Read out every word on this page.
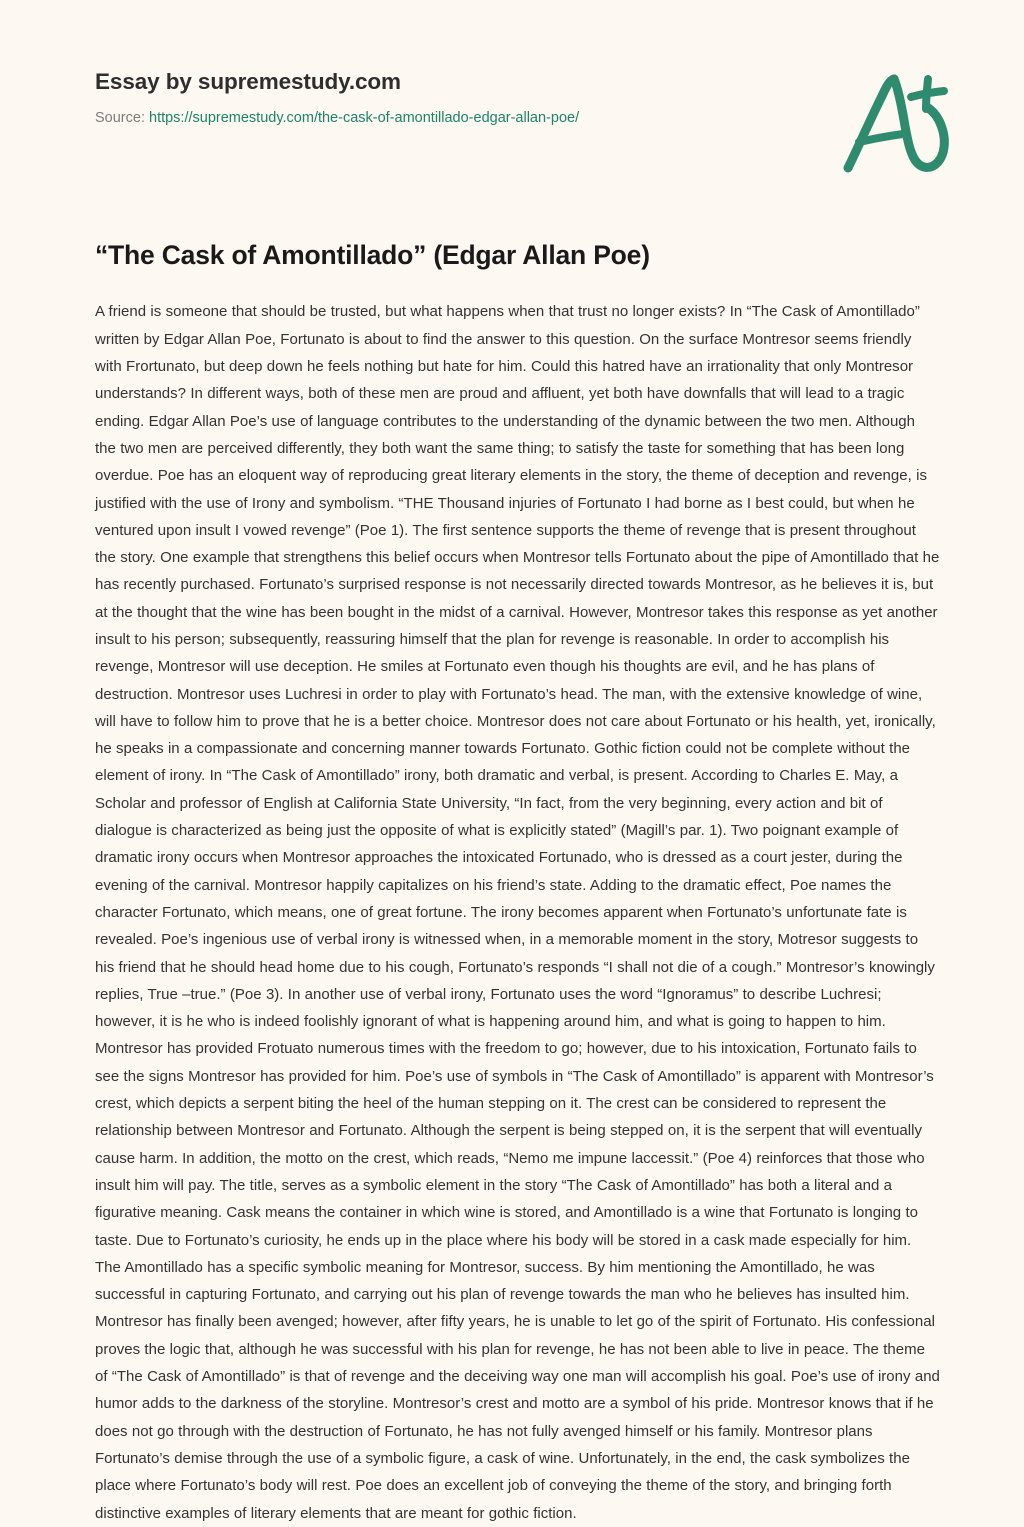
Essay by supremestudy.com
Source: https://supremestudy.com/the-cask-of-amontillado-edgar-allan-poe/
“The Cask of Amontillado” (Edgar Allan Poe)

A friend is someone that should be trusted, but what happens when that trust no longer exists? In “The Cask of Amontillado” written by Edgar Allan Poe, Fortunato is about to find the answer to this question. On the surface Montresor seems friendly with Frortunato, but deep down he feels nothing but hate for him. Could this hatred have an irrationality that only Montresor understands? In different ways, both of these men are proud and affluent, yet both have downfalls that will lead to a tragic ending. Edgar Allan Poe’s use of language contributes to the understanding of the dynamic between the two men. Although the two men are perceived differently, they both want the same thing; to satisfy the taste for something that has been long overdue. Poe has an eloquent way of reproducing great literary elements in the story, the theme of deception and revenge, is justified with the use of Irony and symbolism. “THE Thousand injuries of Fortunato I had borne as I best could, but when he ventured upon insult I vowed revenge” (Poe 1). The first sentence supports the theme of revenge that is present throughout the story. One example that strengthens this belief occurs when Montresor tells Fortunato about the pipe of Amontillado that he has recently purchased. Fortunato’s surprised response is not necessarily directed towards Montresor, as he believes it is, but at the thought that the wine has been bought in the midst of a carnival. However, Montresor takes this response as yet another insult to his person; subsequently, reassuring himself that the plan for revenge is reasonable. In order to accomplish his revenge, Montresor will use deception. He smiles at Fortunato even though his thoughts are evil, and he has plans of destruction. Montresor uses Luchresi in order to play with Fortunato’s head. The man, with the extensive knowledge of wine, will have to follow him to prove that he is a better choice. Montresor does not care about Fortunato or his health, yet, ironically, he speaks in a compassionate and concerning manner towards Fortunato. Gothic fiction could not be complete without the element of irony. In “The Cask of Amontillado” irony, both dramatic and verbal, is present. According to Charles E. May, a Scholar and professor of English at California State University, “In fact, from the very beginning, every action and bit of dialogue is characterized as being just the opposite of what is explicitly stated” (Magill’s par. 1). Two poignant example of dramatic irony occurs when Montresor approaches the intoxicated Fortunado, who is dressed as a court jester, during the evening of the carnival. Montresor happily capitalizes on his friend’s state. Adding to the dramatic effect, Poe names the character Fortunato, which means, one of great fortune. The irony becomes apparent when Fortunato’s unfortunate fate is revealed. Poe’s ingenious use of verbal irony is witnessed when, in a memorable moment in the story, Motresor suggests to his friend that he should head home due to his cough, Fortunato’s responds “I shall not die of a cough.” Montresor’s knowingly replies, True –true.” (Poe 3). In another use of verbal irony, Fortunato uses the word “Ignoramus” to describe Luchresi; however, it is he who is indeed foolishly ignorant of what is happening around him, and what is going to happen to him. Montresor has provided Frotuato numerous times with the freedom to go; however, due to his intoxication, Fortunato fails to see the signs Montresor has provided for him. Poe’s use of symbols in “The Cask of Amontillado” is apparent with Montresor’s crest, which depicts a serpent biting the heel of the human stepping on it. The crest can be considered to represent the relationship between Montresor and Fortunato. Although the serpent is being stepped on, it is the serpent that will eventually cause harm. In addition, the motto on the crest, which reads, “Nemo me impune laccessit.” (Poe 4) reinforces that those who insult him will pay. The title, serves as a symbolic element in the story “The Cask of Amontillado” has both a literal and a figurative meaning. Cask means the container in which wine is stored, and Amontillado is a wine that Fortunato is longing to taste. Due to Fortunato’s curiosity, he ends up in the place where his body will be stored in a cask made especially for him. The Amontillado has a specific symbolic meaning for Montresor, success. By him mentioning the Amontillado, he was successful in capturing Fortunato, and carrying out his plan of revenge towards the man who he believes has insulted him. Montresor has finally been avenged; however, after fifty years, he is unable to let go of the spirit of Fortunato. His confessional proves the logic that, although he was successful with his plan for revenge, he has not been able to live in peace. The theme of “The Cask of Amontillado” is that of revenge and the deceiving way one man will accomplish his goal. Poe’s use of irony and humor adds to the darkness of the storyline. Montresor’s crest and motto are a symbol of his pride. Montresor knows that if he does not go through with the destruction of Fortunato, he has not fully avenged himself or his family. Montresor plans Fortunato’s demise through the use of a symbolic figure, a cask of wine. Unfortunately, in the end, the cask symbolizes the place where Fortunato’s body will rest. Poe does an excellent job of conveying the theme of the story, and bringing forth distinctive examples of literary elements that are meant for gothic fiction.
